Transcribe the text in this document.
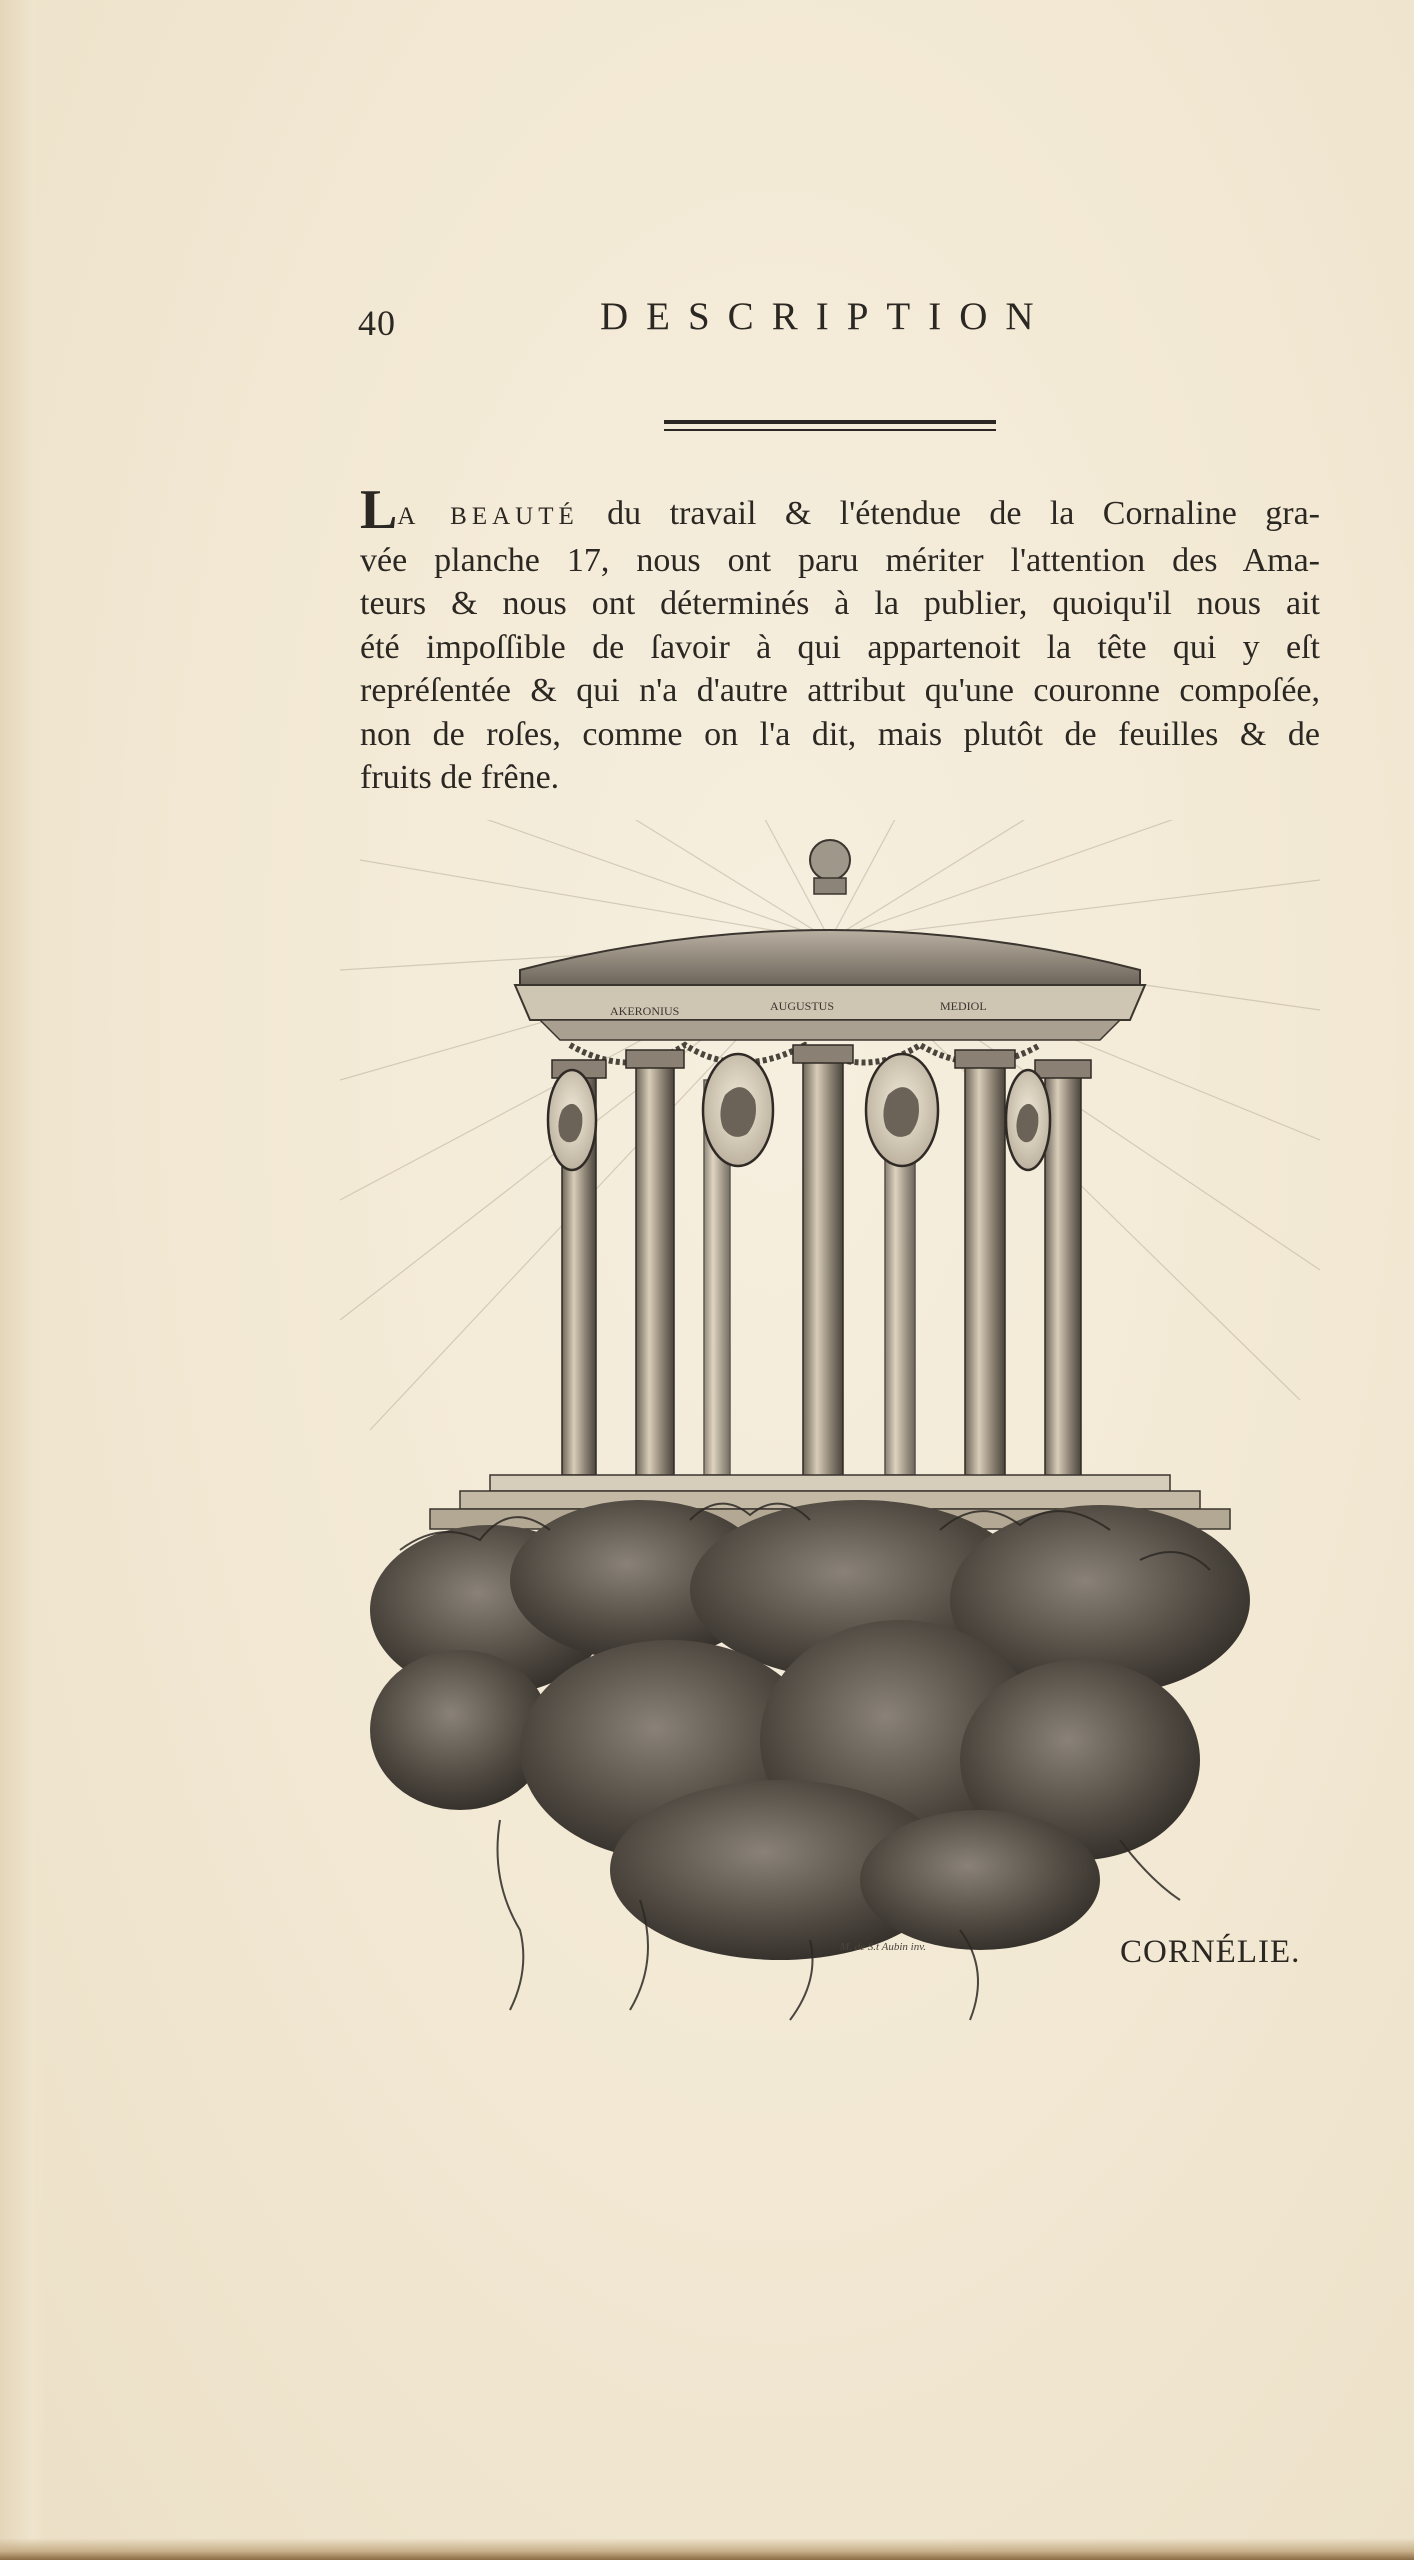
40	DESCRIPTION
LA BEAUTÉ du travail & l'étendue de la Cornaline gra-
vée planche 17, nous ont paru mériter l'attention des Ama-
teurs & nous ont déterminés à la publier, quoiqu'il nous ait
été impoſſible de ſavoir à qui appartenoit la tête qui y eſt
repréſentée & qui n'a d'autre attribut qu'une couronne compoſée,
non de roſes, comme on l'a dit, mais plutôt de feuilles & de
fruits de frêne.
AKERONIUS	AUGUSTUS	MEDIOL
M. de S.t Aubin inv.	CORNÉLIE.
